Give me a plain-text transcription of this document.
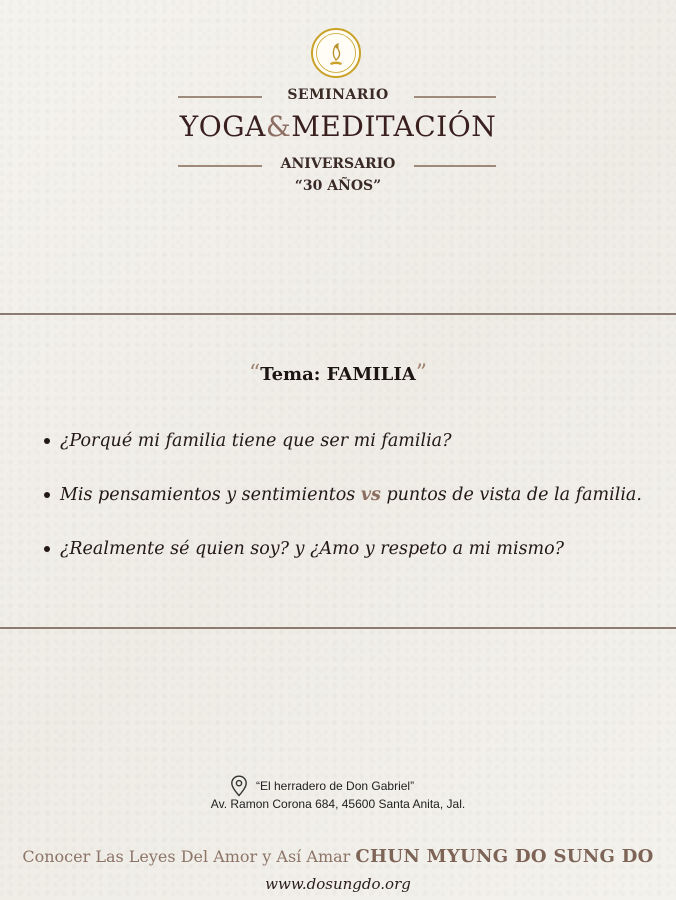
SEMINARIO
YOGA&MEDITACIÓN
ANIVERSARIO
“30 AÑOS”
“Tema: FAMILIA”
¿Porqué mi familia tiene que ser mi familia?
Mis pensamientos y sentimientos vs puntos de vista de la familia.
¿Realmente sé quien soy? y ¿Amo y respeto a mi mismo?
“El herradero de Don Gabriel”
Av. Ramon Corona 684, 45600 Santa Anita, Jal.
Conocer Las Leyes Del Amor y Así Amar CHUN MYUNG DO SUNG DO
www.dosungdo.org
